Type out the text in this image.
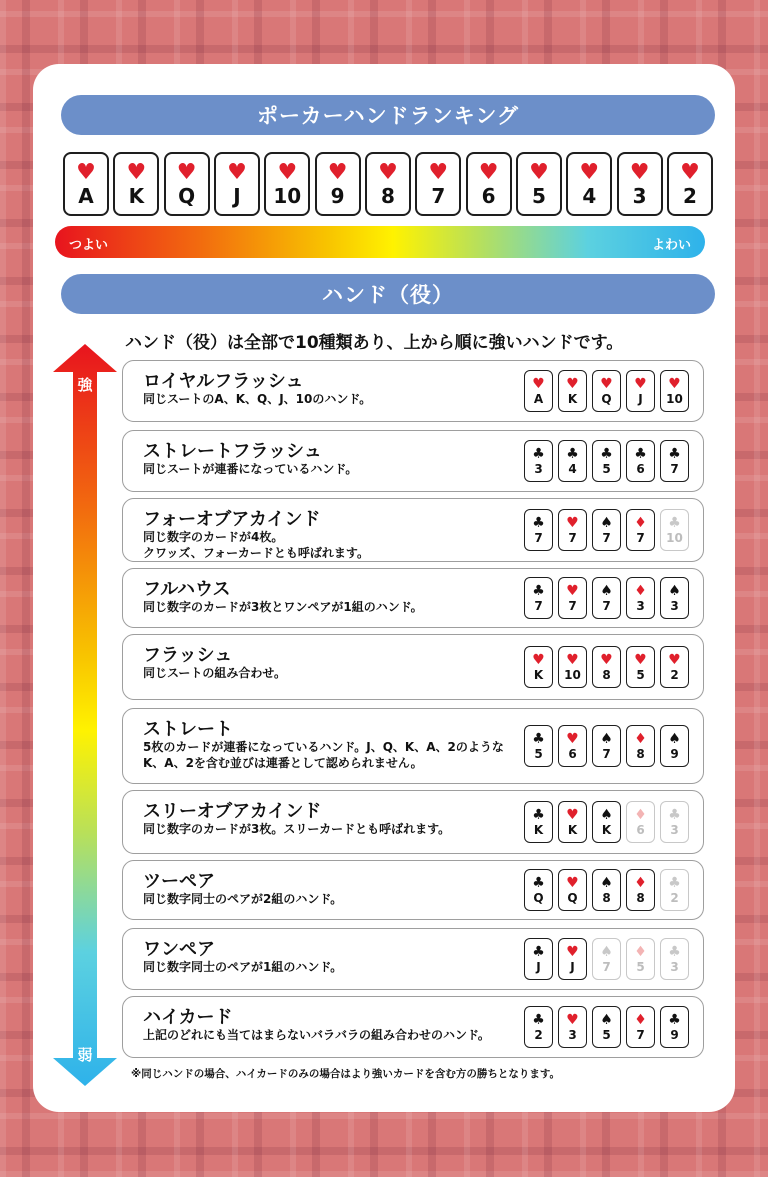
ポーカーハンドランキング
♥
A
♥
K
♥
Q
♥
J
♥
10
♥
9
♥
8
♥
7
♥
6
♥
5
♥
4
♥
3
♥
2
つよい	よわい
ハンド（役）
ハンド（役）は全部で10種類あり、上から順に強いハンドです。
強
弱
ロイヤルフラッシュ
同じスートのA、K、Q、J、10のハンド。
♥
A
♥
K
♥
Q
♥
J
♥
10
ストレートフラッシュ
同じスートが連番になっているハンド。
♣
3
♣
4
♣
5
♣
6
♣
7
フォーオブアカインド
同じ数字のカードが4枚。
クワッズ、フォーカードとも呼ばれます。
♣
7
♥
7
♠
7
♦
7
♣
10
フルハウス
同じ数字のカードが3枚とワンペアが1組のハンド。
♣
7
♥
7
♠
7
♦
3
♠
3
フラッシュ
同じスートの組み合わせ。
♥
K
♥
10
♥
8
♥
5
♥
2
ストレート
5枚のカードが連番になっているハンド。J、Q、K、A、2のようなK、A、2を含む並びは連番として認められません。
♣
5
♥
6
♠
7
♦
8
♠
9
スリーオブアカインド
同じ数字のカードが3枚。スリーカードとも呼ばれます。
♣
K
♥
K
♠
K
♦
6
♣
3
ツーペア
同じ数字同士のペアが2組のハンド。
♣
Q
♥
Q
♠
8
♦
8
♣
2
ワンペア
同じ数字同士のペアが1組のハンド。
♣
J
♥
J
♠
7
♦
5
♣
3
ハイカード
上記のどれにも当てはまらないバラバラの組み合わせのハンド。
♣
2
♥
3
♠
5
♦
7
♣
9
※同じハンドの場合、ハイカードのみの場合はより強いカードを含む方の勝ちとなります。
